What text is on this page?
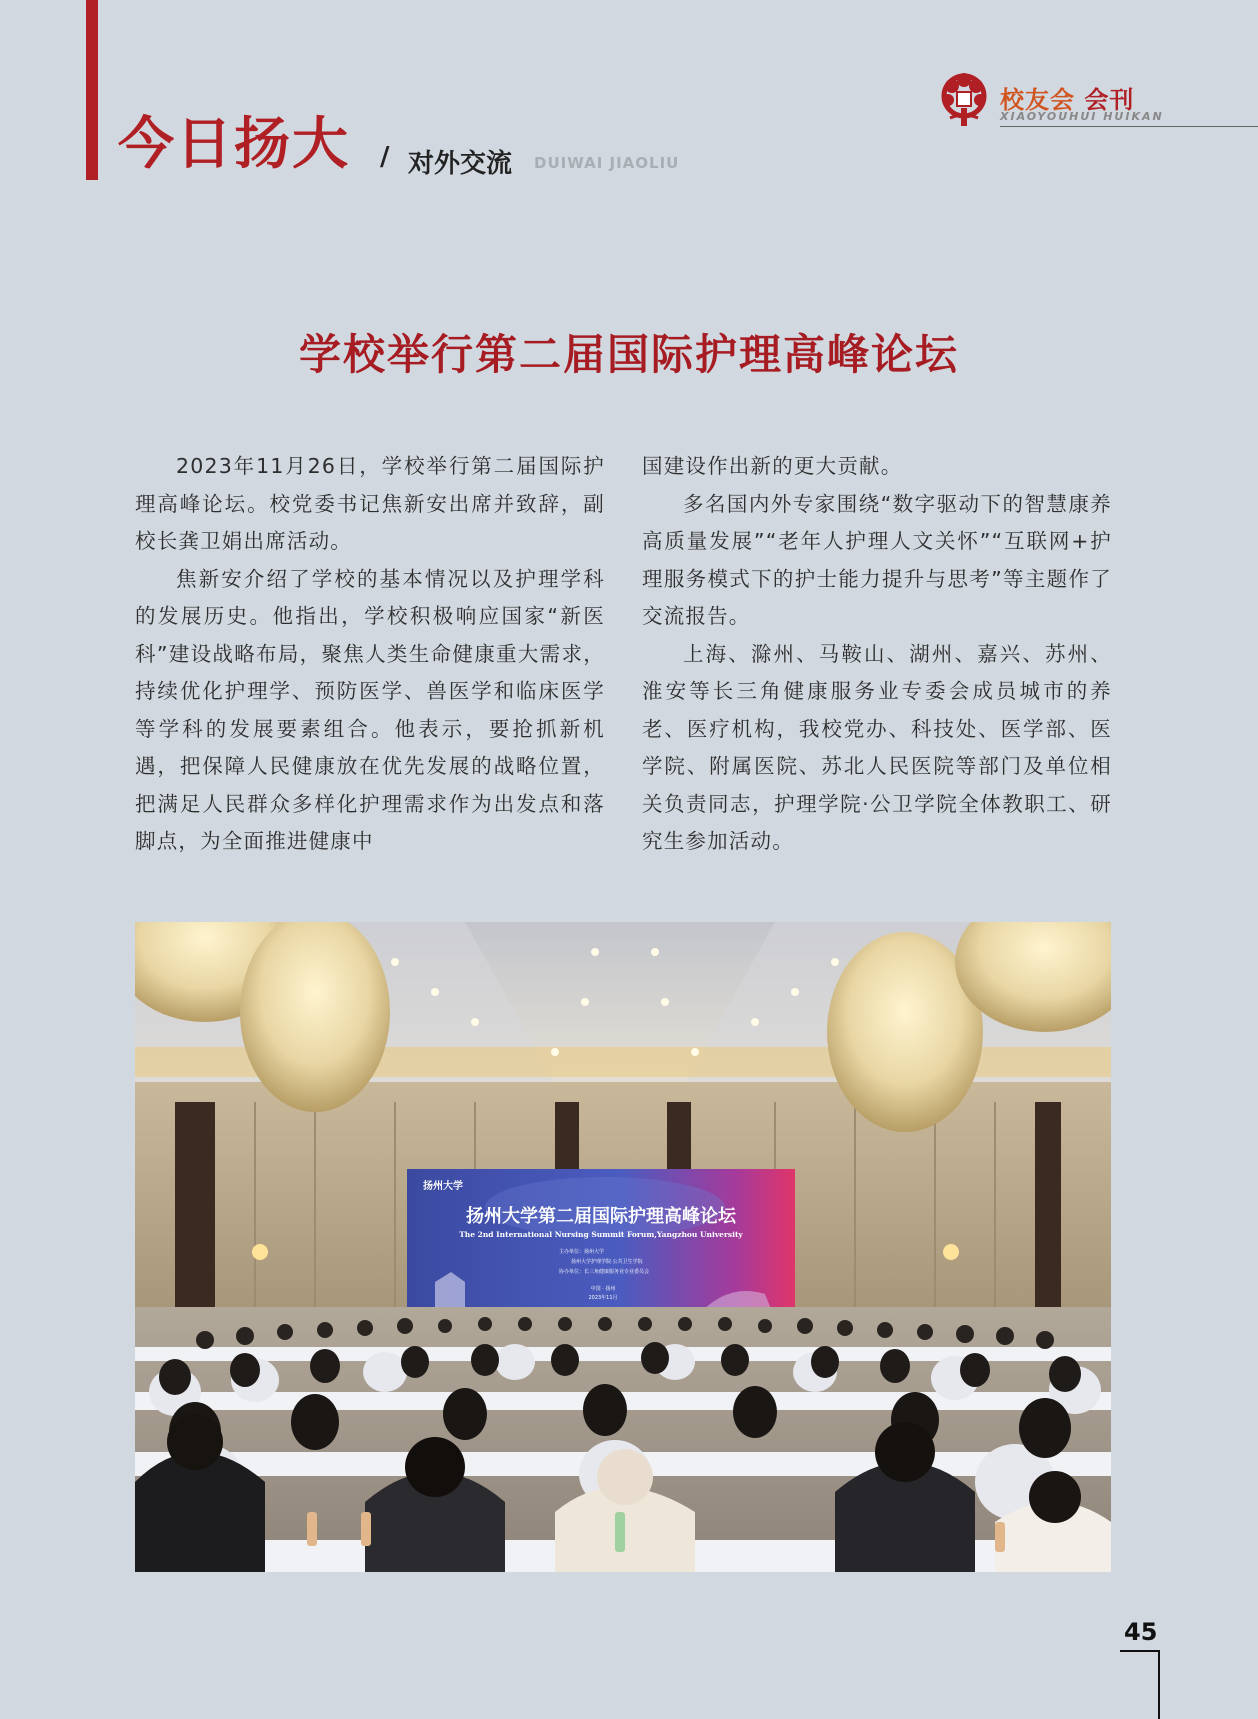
今日扬大 / 对外交流 DUIWAI JIAOLIU
校友会 会刊
XIAOYOUHUI HUIKAN
学校举行第二届国际护理高峰论坛

2023年11月26日，学校举行第二届国际护理高峰论坛。校党委书记焦新安出席并致辞，副校长龚卫娟出席活动。

焦新安介绍了学校的基本情况以及护理学科的发展历史。他指出，学校积极响应国家“新医科”建设战略布局，聚焦人类生命健康重大需求，持续优化护理学、预防医学、兽医学和临床医学等学科的发展要素组合。他表示，要抢抓新机遇，把保障人民健康放在优先发展的战略位置，把满足人民群众多样化护理需求作为出发点和落脚点，为全面推进健康中

国建设作出新的更大贡献。

多名国内外专家围绕“数字驱动下的智慧康养高质量发展”“老年人护理人文关怀”“互联网+护理服务模式下的护士能力提升与思考”等主题作了交流报告。

上海、滁州、马鞍山、湖州、嘉兴、苏州、淮安等长三角健康服务业专委会成员城市的养老、医疗机构，我校党办、科技处、医学部、医学院、附属医院、苏北人民医院等部门及单位相关负责同志，护理学院·公卫学院全体教职工、研究生参加活动。

扬州大学
扬州大学第二届国际护理高峰论坛
The 2nd International Nursing Summit Forum,Yangzhou University
主办单位：扬州大学
扬州大学护理学院·公共卫生学院
协办单位：长三角健康服务业专业委员会
中国 · 扬州
2023年11月
45
